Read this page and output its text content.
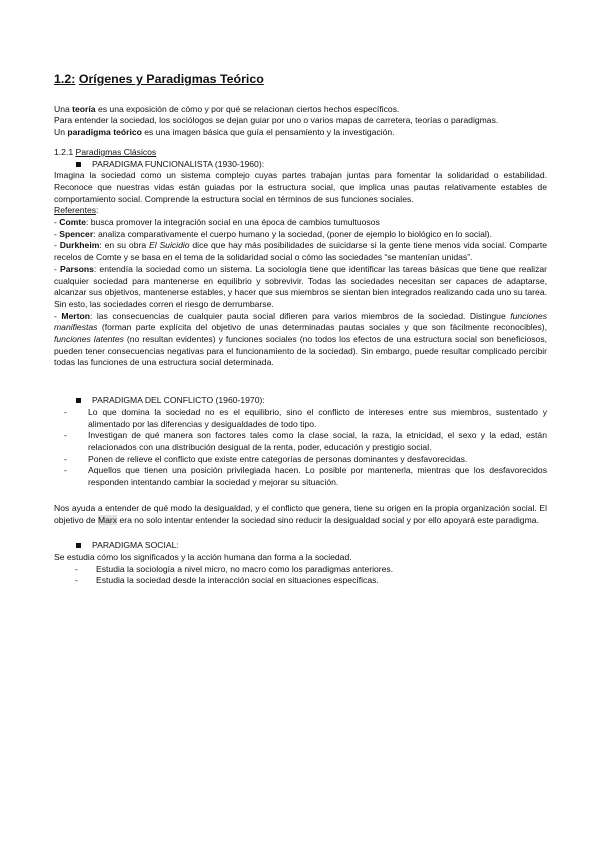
1.2: Orígenes y Paradigmas Teórico

Una teoría es una exposición de cómo y por qué se relacionan ciertos hechos específicos.

Para entender la sociedad, los sociólogos se dejan guiar por uno o varios mapas de carretera, teorías o paradigmas.

Un paradigma teórico es una imagen básica que guía el pensamiento y la investigación.

1.2.1 Paradigmas Clásicos

PARADIGMA FUNCIONALISTA (1930-1960):

Imagina la sociedad como un sistema complejo cuyas partes trabajan juntas para fomentar la solidaridad o estabilidad. Reconoce que nuestras vidas están guiadas por la estructura social, que implica unas pautas relativamente estables de comportamiento social. Comprende la estructura social en términos de sus funciones sociales.

Referentes:

- Comte: busca promover la integración social en una época de cambios tumultuosos

- Spencer: analiza comparativamente el cuerpo humano y la sociedad, (poner de ejemplo lo biológico en lo social).

- Durkheim: en su obra El Suicidio dice que hay más posibilidades de suicidarse si la gente tiene menos vida social. Comparte recelos de Comte y se basa en el tema de la solidaridad social o cómo las sociedades “se mantenían unidas”.

- Parsons: entendía la sociedad como un sistema. La sociología tiene que identificar las tareas básicas que tiene que realizar cualquier sociedad para mantenerse en equilibrio y sobrevivir. Todas las sociedades necesitan ser capaces de adaptarse, alcanzar sus objetivos, mantenerse estables, y hacer que sus miembros se sientan bien integrados realizando cada uno su tarea. Sin esto, las sociedades corren el riesgo de derrumbarse.

- Merton: las consecuencias de cualquier pauta social difieren para varios miembros de la sociedad. Distingue funciones manifiestas (forman parte explícita del objetivo de unas determinadas pautas sociales y que son fácilmente reconocibles), funciones latentes (no resultan evidentes) y funciones sociales (no todos los efectos de una estructura social son beneficiosos, pueden tener consecuencias negativas para el funcionamiento de la sociedad). Sin embargo, puede resultar complicado percibir todas las funciones de una estructura social determinada.

PARADIGMA DEL CONFLICTO (1960-1970):
- Lo que domina la sociedad no es el equilibrio, sino el conflicto de intereses entre sus miembros, sustentado y alimentado por las diferencias y desigualdades de todo tipo.
- Investigan de qué manera son factores tales como la clase social, la raza, la etnicidad, el sexo y la edad, están relacionados con una distribución desigual de la renta, poder, educación y prestigio social.
- Ponen de relieve el conflicto que existe entre categorías de personas dominantes y desfavorecidas.
- Aquellos que tienen una posición privilegiada hacen. Lo posible por mantenerla, mientras que los desfavorecidos responden intentando cambiar la sociedad y mejorar su situación.

Nos ayuda a entender de qué modo la desigualdad, y el conflicto que genera, tiene su origen en la propia organización social. El objetivo de Marx era no solo intentar entender la sociedad sino reducir la desigualdad social y por ello apoyará este paradigma.

PARADIGMA SOCIAL:

Se estudia cómo los significados y la acción humana dan forma a la sociedad.

- Estudia la sociología a nivel micro, no macro como los paradigmas anteriores.
- Estudia la sociedad desde la interacción social en situaciones específicas.
